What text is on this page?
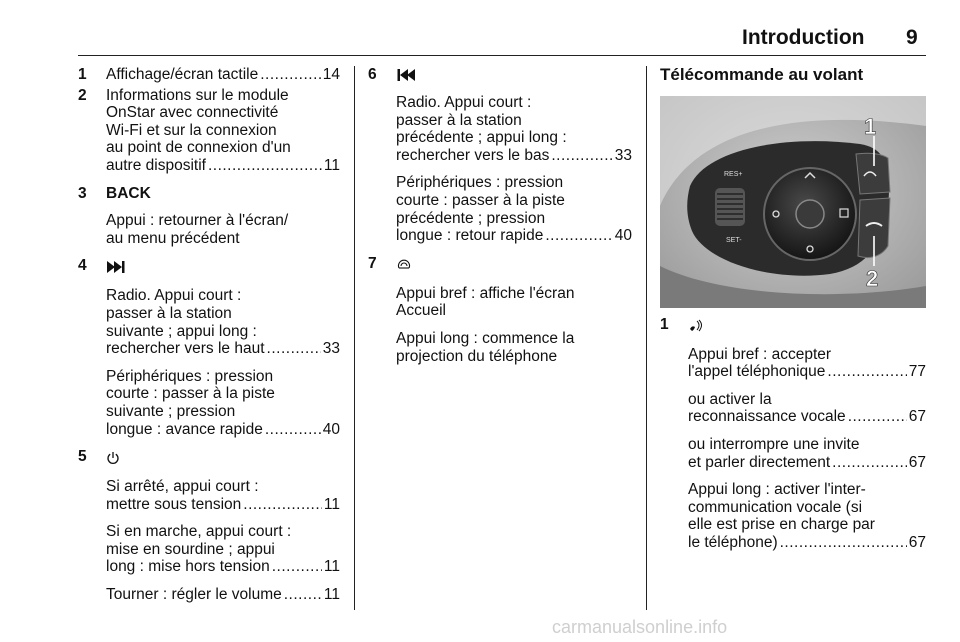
Introduction 9
1 Affichage/écran tactile .....	14
2 Informations sur le module
OnStar avec connectivité
Wi-Fi et sur la connexion
au point de connexion d'un
autre dispositif .....	11
3 BACK
Appui : retourner à l'écran/
au menu précédent
4
Radio. Appui court :
passer à la station
suivante ; appui long :
rechercher vers le haut .....	33
Périphériques : pression
courte : passer à la piste
suivante ; pression
longue : avance rapide .....	40
5
Si arrêté, appui court :
mettre sous tension .....	11
Si en marche, appui court :
mise en sourdine ; appui
long : mise hors tension .....	11
Tourner : régler le volume .....	11
6
Radio. Appui court :
passer à la station
précédente ; appui long :
rechercher vers le bas .....	33
Périphériques : pression
courte : passer à la piste
précédente ; pression
longue : retour rapide .....	40
7
Appui bref : affiche l'écran
Accueil
Appui long : commence la
projection du téléphone
Télécommande au volant
RES+
SET-
1
2
1
Appui bref : accepter
l'appel téléphonique .....	77
ou activer la
reconnaissance vocale .....	67
ou interrompre une invite
et parler directement .....	67
Appui long : activer l'inter-
communication vocale (si
elle est prise en charge par
le téléphone) .....	67
carmanualsonline.info
